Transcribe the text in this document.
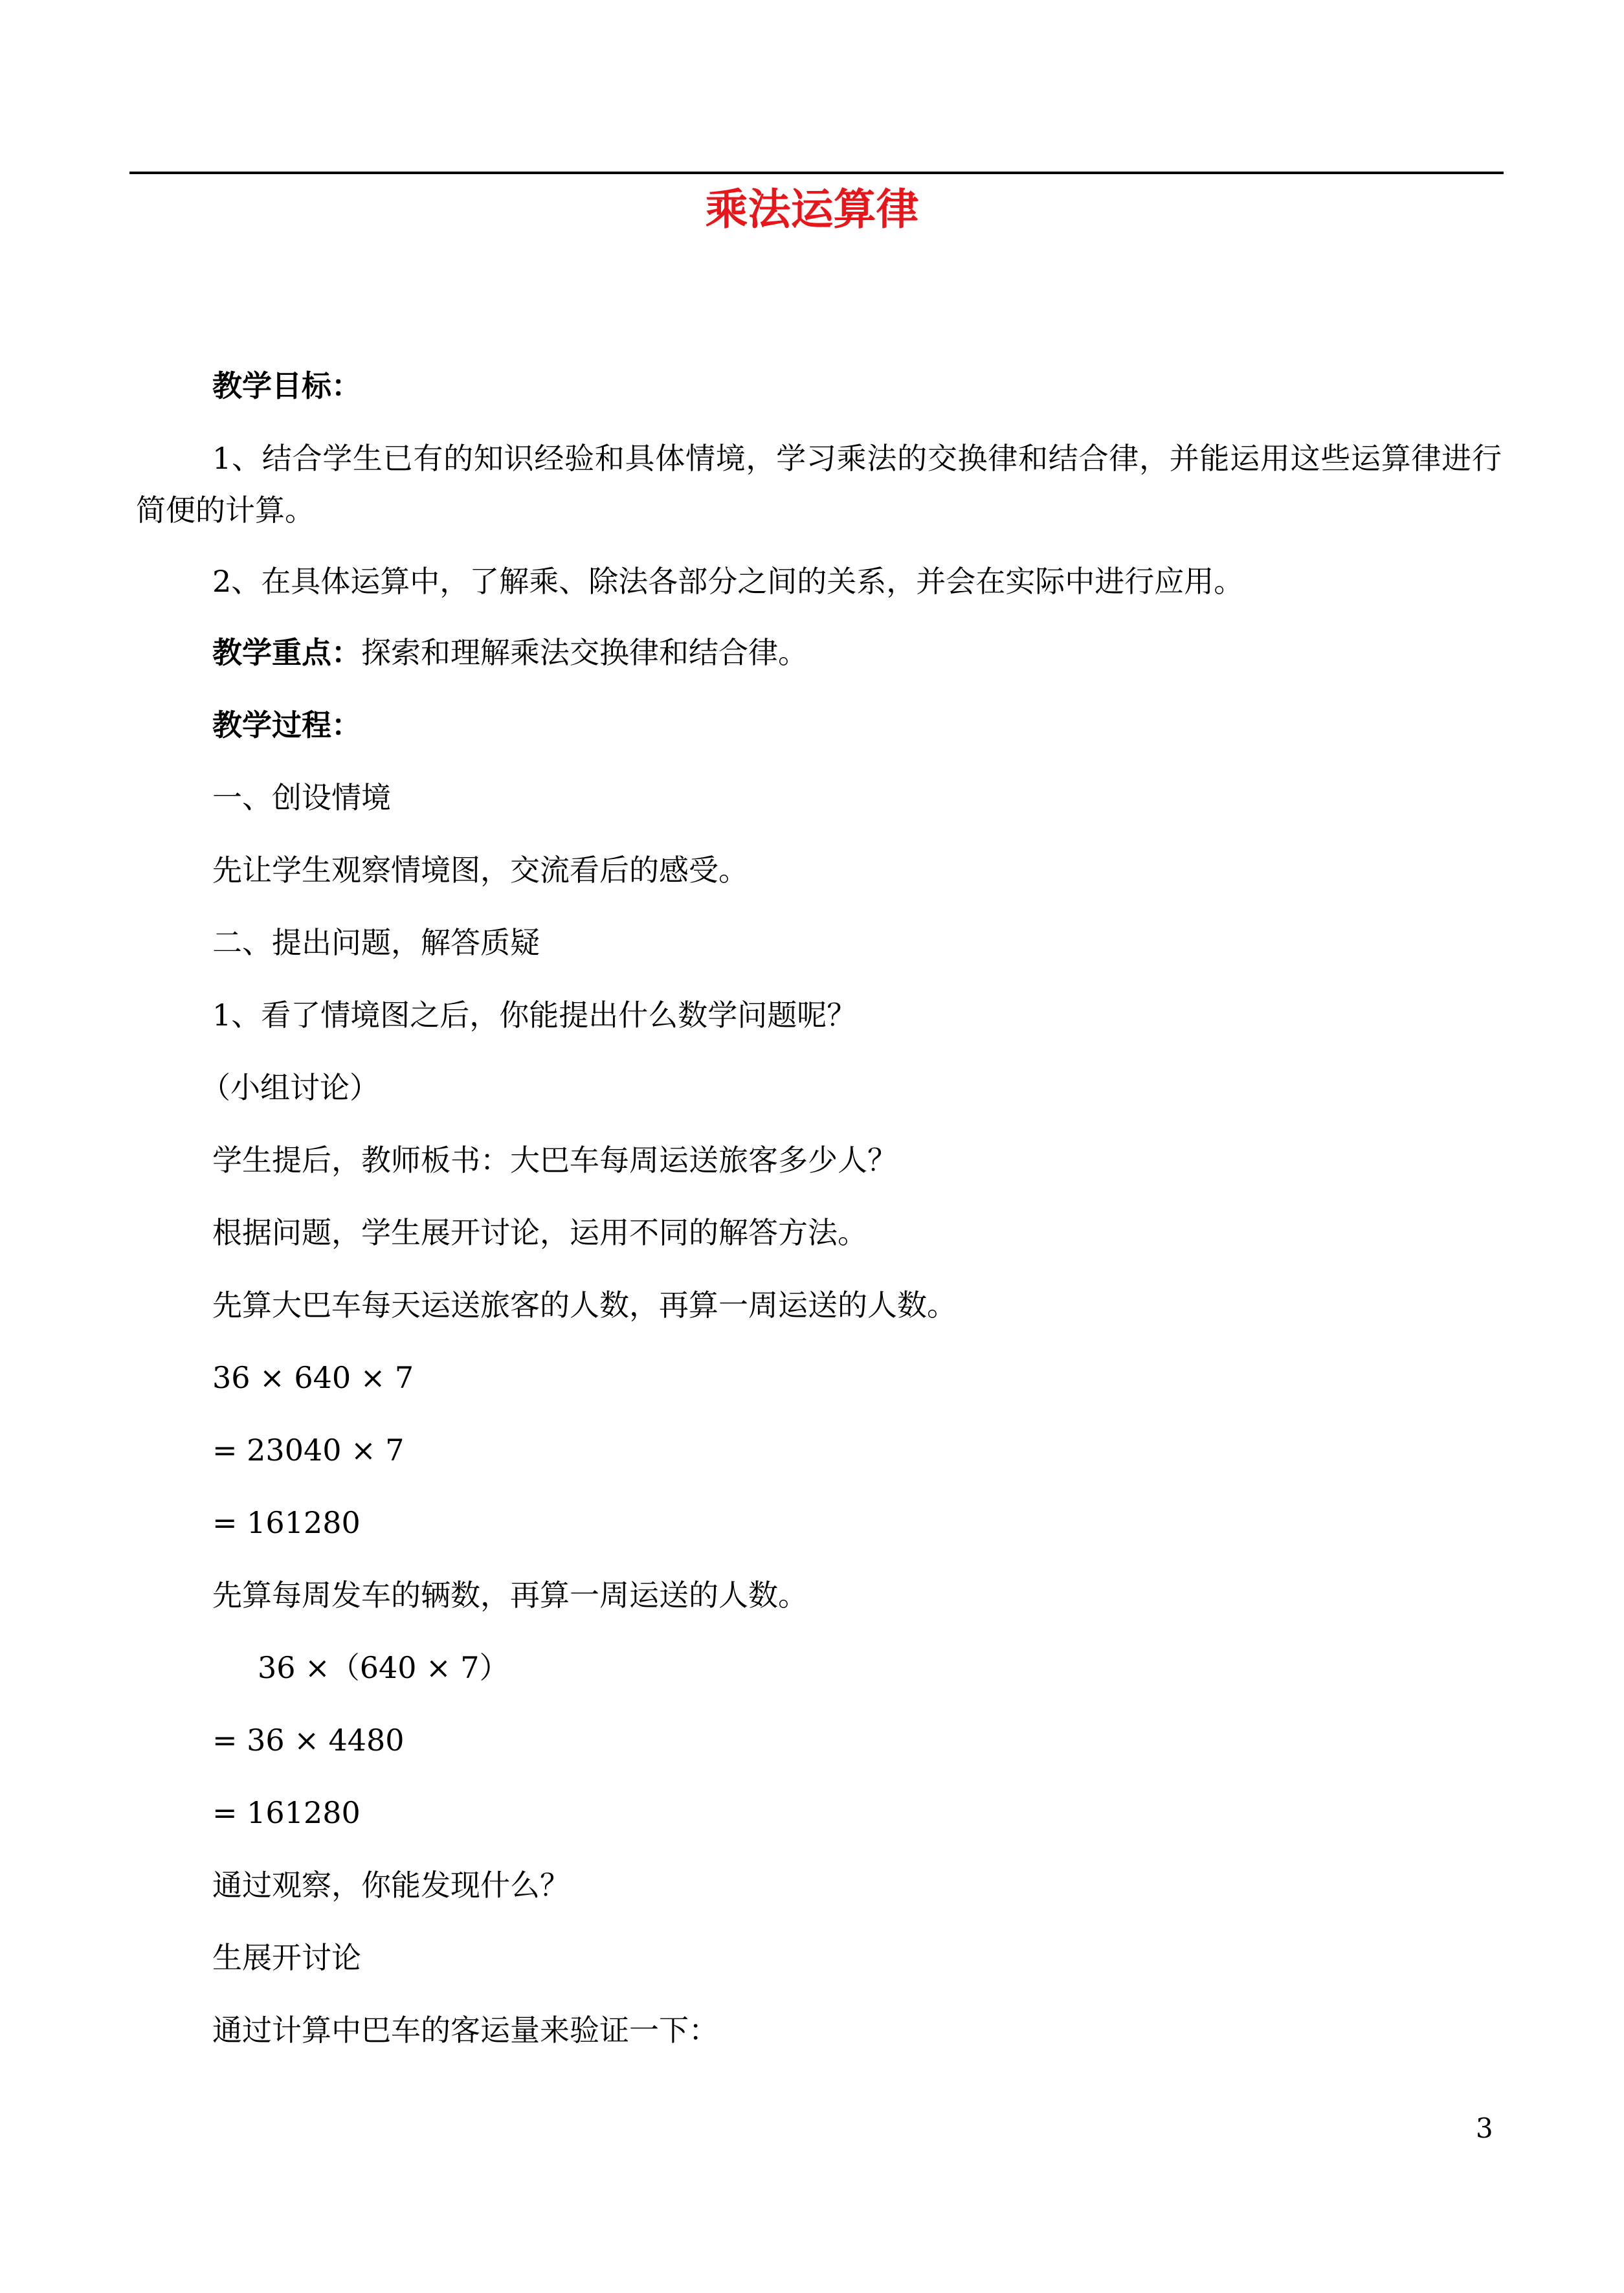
乘法运算律

教学目标：

1、结合学生已有的知识经验和具体情境，学习乘法的交换律和结合律，并能运用这些运算律进行简便的计算。

2、在具体运算中，了解乘、除法各部分之间的关系，并会在实际中进行应用。

教学重点：探索和理解乘法交换律和结合律。

教学过程：

一、创设情境

先让学生观察情境图，交流看后的感受。

二、提出问题，解答质疑

1、看了情境图之后，你能提出什么数学问题呢？

（小组讨论）

学生提后，教师板书：大巴车每周运送旅客多少人？

根据问题，学生展开讨论，运用不同的解答方法。

先算大巴车每天运送旅客的人数，再算一周运送的人数。

36 × 640 × 7

= 23040 × 7

= 161280

先算每周发车的辆数，再算一周运送的人数。

36 ×（640 × 7）

= 36 × 4480

= 161280

通过观察，你能发现什么？

生展开讨论

通过计算中巴车的客运量来验证一下：

3
